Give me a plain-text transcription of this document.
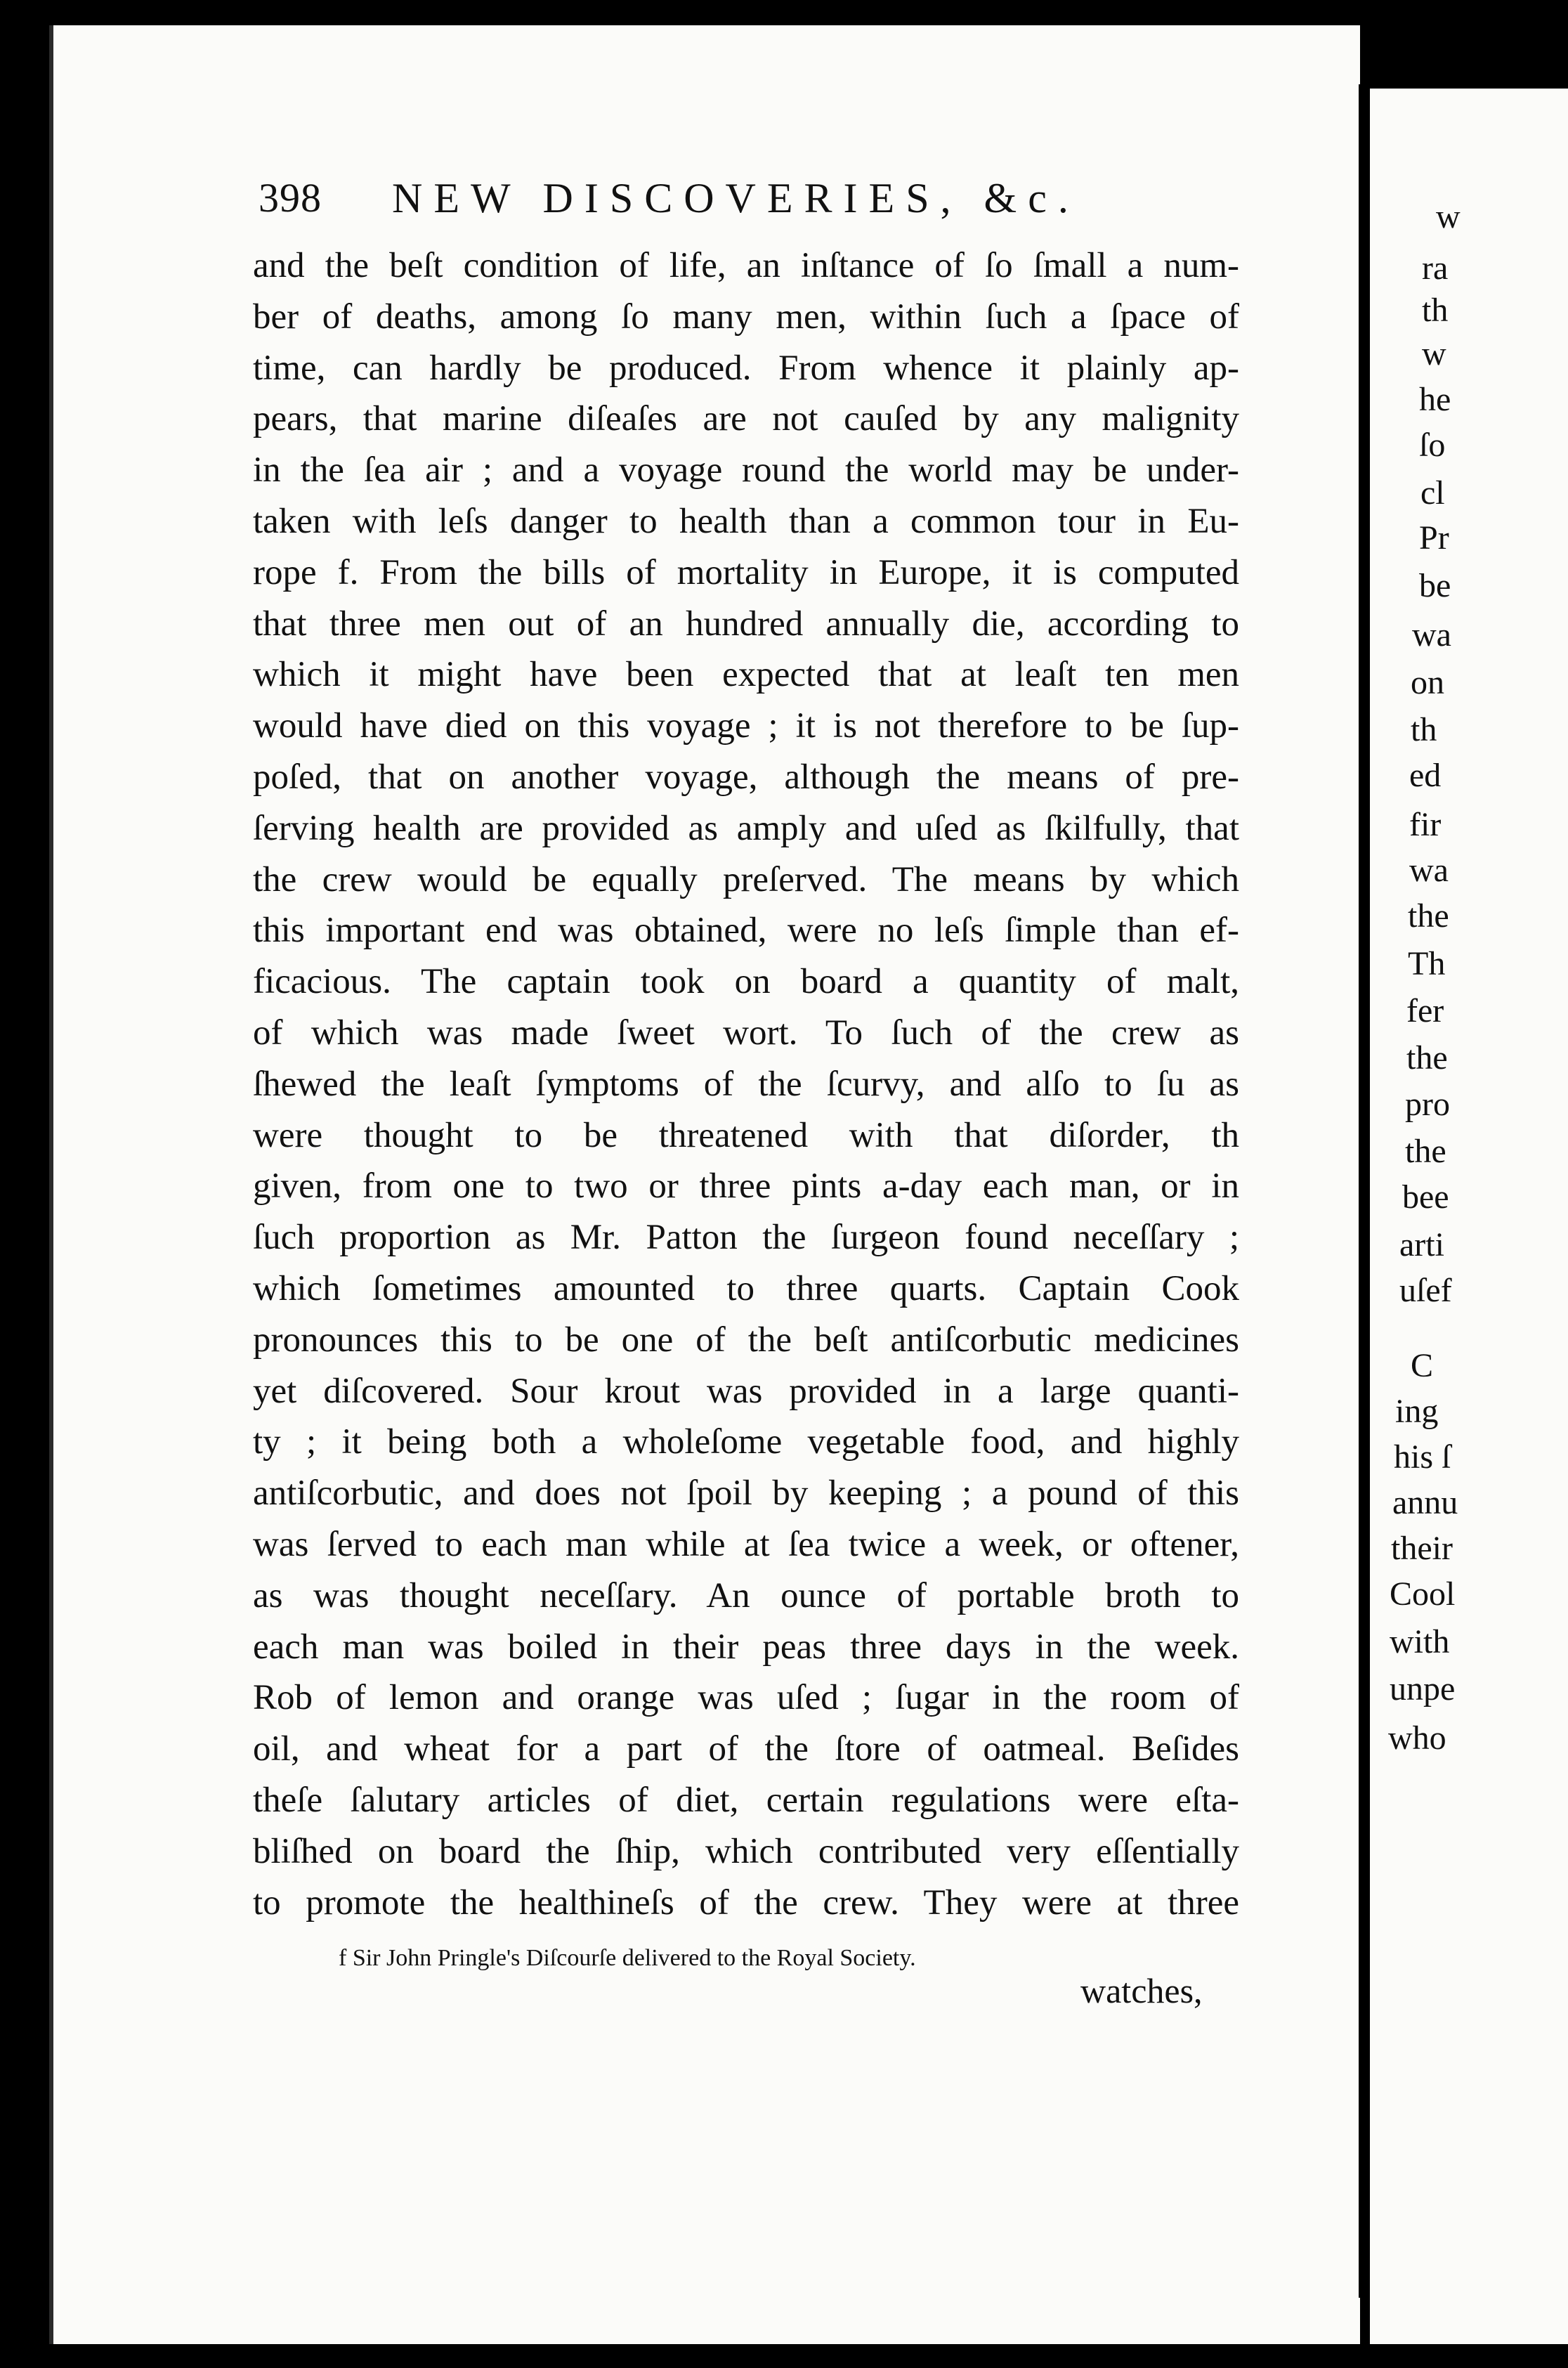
w
ra
th
w
he
ſo
cl
Pr
be
wa
on
th
ed
fir
wa
the
Th
fer
the
pro
the
bee
arti
uſef
C
ing
his ſ
annu
their
Cool
with
unpe
who
398 NEW DISCOVERIES, &c.
and the beſt condition of life, an inſtance of ſo ſmall a num-
ber of deaths, among ſo many men, within ſuch a ſpace of
time, can hardly be produced. From whence it plainly ap-
pears, that marine diſeaſes are not cauſed by any malignity
in the ſea air ; and a voyage round the world may be under-
taken with leſs danger to health than a common tour in Eu-
rope f. From the bills of mortality in Europe, it is computed
that three men out of an hundred annually die, according to
which it might have been expected that at leaſt ten men
would have died on this voyage ; it is not therefore to be ſup-
poſed, that on another voyage, although the means of pre-
ſerving health are provided as amply and uſed as ſkilfully, that
the crew would be equally preſerved. The means by which
this important end was obtained, were no leſs ſimple than ef-
ficacious. The captain took on board a quantity of malt,
of which was made ſweet wort. To ſuch of the crew as
ſhewed the leaſt ſymptoms of the ſcurvy, and alſo to ſu as
were thought to be threatened with that diſorder, th
given, from one to two or three pints a-day each man, or in
ſuch proportion as Mr. Patton the ſurgeon found neceſſary ;
which ſometimes amounted to three quarts. Captain Cook
pronounces this to be one of the beſt antiſcorbutic medicines
yet diſcovered. Sour krout was provided in a large quanti-
ty ; it being both a wholeſome vegetable food, and highly
antiſcorbutic, and does not ſpoil by keeping ; a pound of this
was ſerved to each man while at ſea twice a week, or oftener,
as was thought neceſſary. An ounce of portable broth to
each man was boiled in their peas three days in the week.
Rob of lemon and orange was uſed ; ſugar in the room of
oil, and wheat for a part of the ſtore of oatmeal. Beſides
theſe ſalutary articles of diet, certain regulations were eſta-
bliſhed on board the ſhip, which contributed very eſſentially
to promote the healthineſs of the crew. They were at three
f Sir John Pringle's Diſcourſe delivered to the Royal Society.
watches,
